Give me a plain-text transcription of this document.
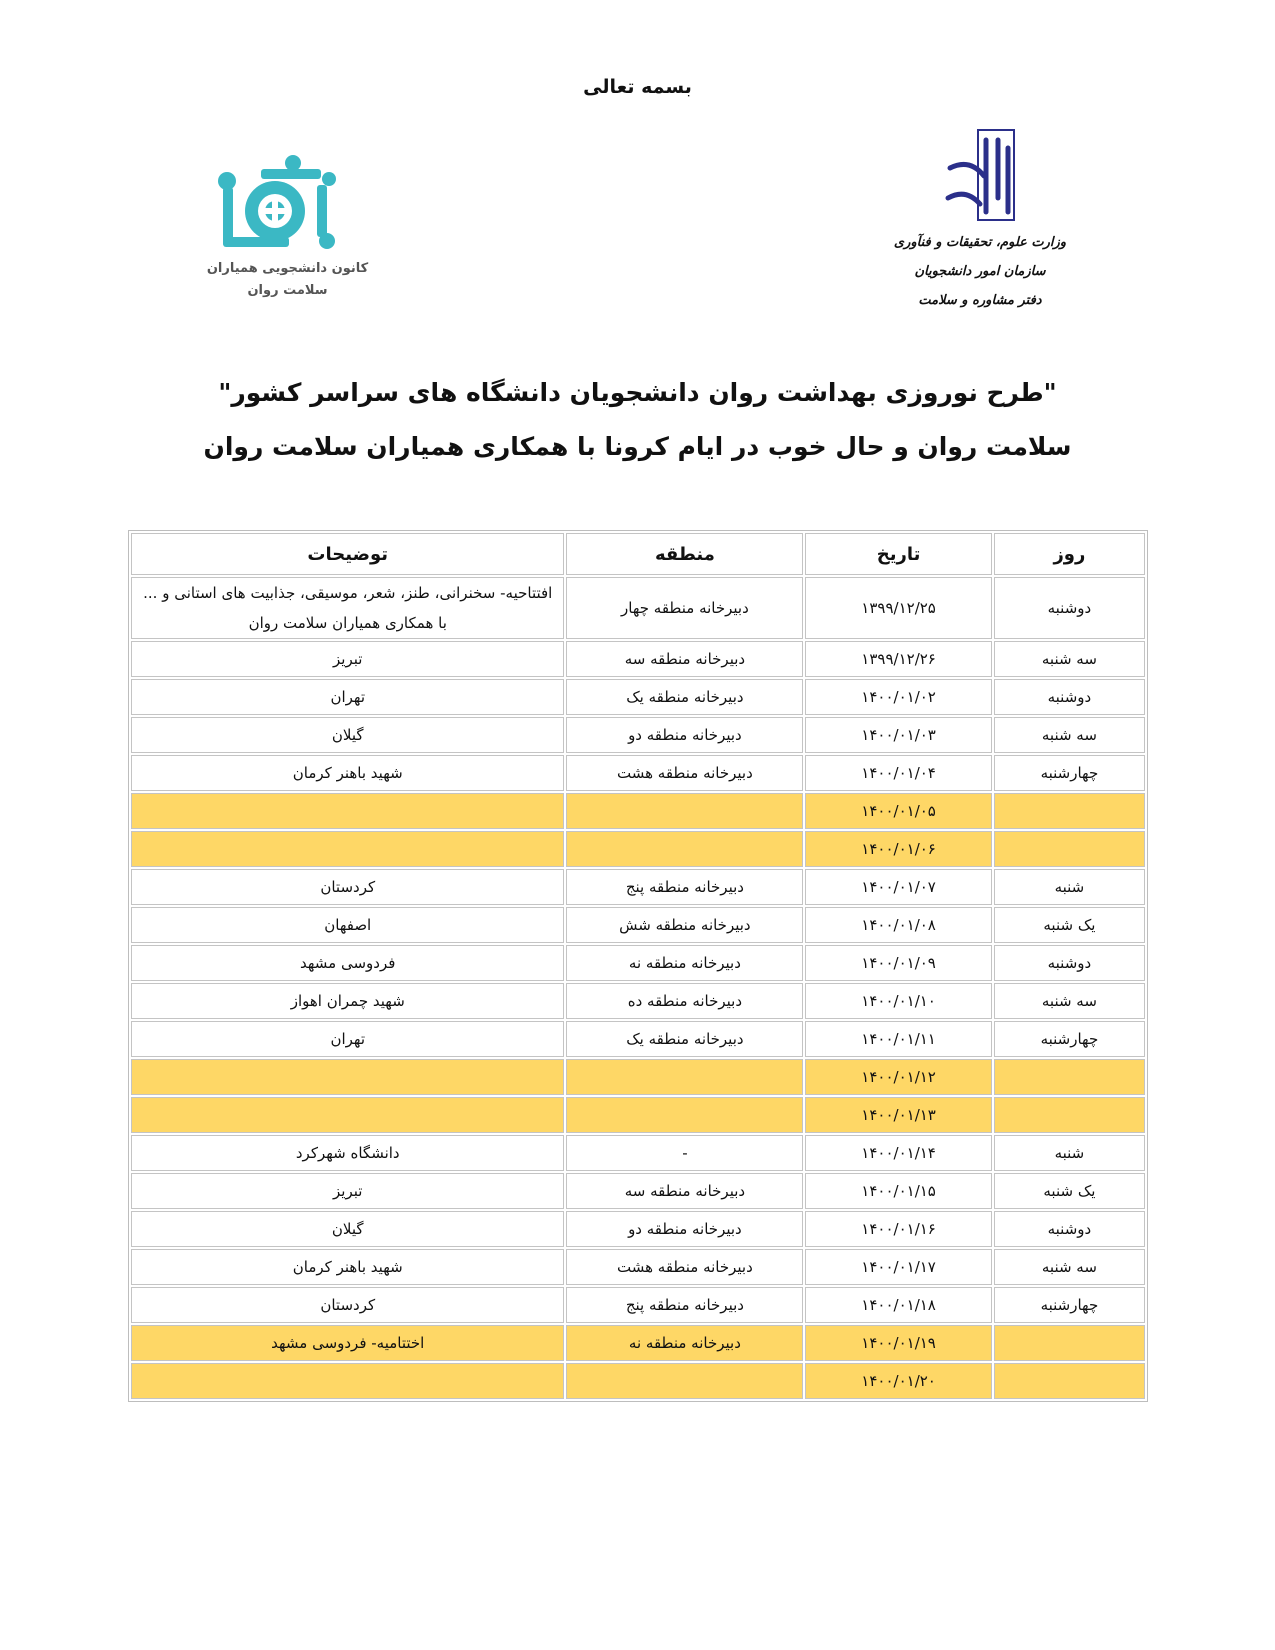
بسمه تعالی
کانون دانشجویی همیاران
سلامت روان
وزارت علوم، تحقیقات و فنآوری
سازمان امور دانشجویان
دفتر مشاوره و سلامت
"طرح نوروزی بهداشت روان دانشجویان دانشگاه های سراسر کشور"
سلامت روان و حال خوب در ایام کرونا با همکاری همیاران سلامت روان
روز	تاریخ	منطقه	توضیحات
دوشنبه	۱۳۹۹/۱۲/۲۵	دبیرخانه منطقه چهار	افتتاحیه- سخنرانی، طنز، شعر، موسیقی، جذابیت های استانی و ... با همکاری همیاران سلامت روان
سه شنبه	۱۳۹۹/۱۲/۲۶	دبیرخانه منطقه سه	تبریز
دوشنبه	۱۴۰۰/۰۱/۰۲	دبیرخانه منطقه یک	تهران
سه شنبه	۱۴۰۰/۰۱/۰۳	دبیرخانه منطقه دو	گیلان
چهارشنبه	۱۴۰۰/۰۱/۰۴	دبیرخانه منطقه هشت	شهید باهنر کرمان
	۱۴۰۰/۰۱/۰۵		
	۱۴۰۰/۰۱/۰۶		
شنبه	۱۴۰۰/۰۱/۰۷	دبیرخانه منطقه پنج	کردستان
یک شنبه	۱۴۰۰/۰۱/۰۸	دبیرخانه منطقه شش	اصفهان
دوشنبه	۱۴۰۰/۰۱/۰۹	دبیرخانه منطقه نه	فردوسی مشهد
سه شنبه	۱۴۰۰/۰۱/۱۰	دبیرخانه منطقه ده	شهید چمران اهواز
چهارشنبه	۱۴۰۰/۰۱/۱۱	دبیرخانه منطقه یک	تهران
	۱۴۰۰/۰۱/۱۲		
	۱۴۰۰/۰۱/۱۳		
شنبه	۱۴۰۰/۰۱/۱۴	-	دانشگاه شهرکرد
یک شنبه	۱۴۰۰/۰۱/۱۵	دبیرخانه منطقه سه	تبریز
دوشنبه	۱۴۰۰/۰۱/۱۶	دبیرخانه منطقه دو	گیلان
سه شنبه	۱۴۰۰/۰۱/۱۷	دبیرخانه منطقه هشت	شهید باهنر کرمان
چهارشنبه	۱۴۰۰/۰۱/۱۸	دبیرخانه منطقه پنج	کردستان
	۱۴۰۰/۰۱/۱۹	دبیرخانه منطقه نه	اختتامیه- فردوسی مشهد
	۱۴۰۰/۰۱/۲۰		
